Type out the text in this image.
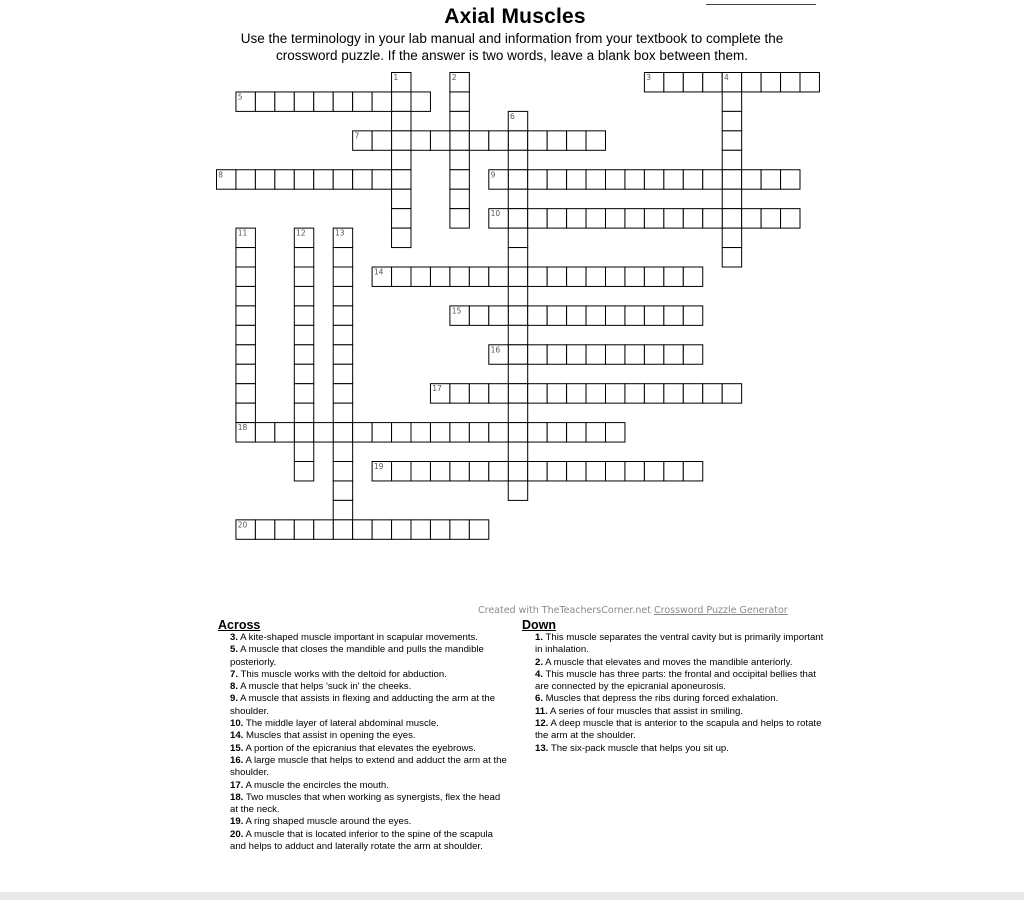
Axial Muscles
Use the terminology in your lab manual and information from your textbook to complete the crossword puzzle. If the answer is two words, leave a blank box between them.
1	2	3	4
5
6
7
8	9
10
11	12	13
14
15
16
17
18
19
20
Created with TheTeachersCorner.net Crossword Puzzle Generator
Across

3. A kite-shaped muscle important in scapular movements.

5. A muscle that closes the mandible and pulls the mandible posteriorly.

7. This muscle works with the deltoid for abduction.

8. A muscle that helps 'suck in' the cheeks.

9. A muscle that assists in flexing and adducting the arm at the shoulder.

10. The middle layer of lateral abdominal muscle.

14. Muscles that assist in opening the eyes.

15. A portion of the epicranius that elevates the eyebrows.

16. A large muscle that helps to extend and adduct the arm at the shoulder.

17. A muscle the encircles the mouth.

18. Two muscles that when working as synergists, flex the head at the neck.

19. A ring shaped muscle around the eyes.

20. A muscle that is located inferior to the spine of the scapula and helps to adduct and laterally rotate the arm at shoulder.

Down

1. This muscle separates the ventral cavity but is primarily important in inhalation.

2. A muscle that elevates and moves the mandible anteriorly.

4. This muscle has three parts: the frontal and occipital bellies that are connected by the epicranial aponeurosis.

6. Muscles that depress the ribs during forced exhalation.

11. A series of four muscles that assist in smiling.

12. A deep muscle that is anterior to the scapula and helps to rotate the arm at the shoulder.

13. The six-pack muscle that helps you sit up.
